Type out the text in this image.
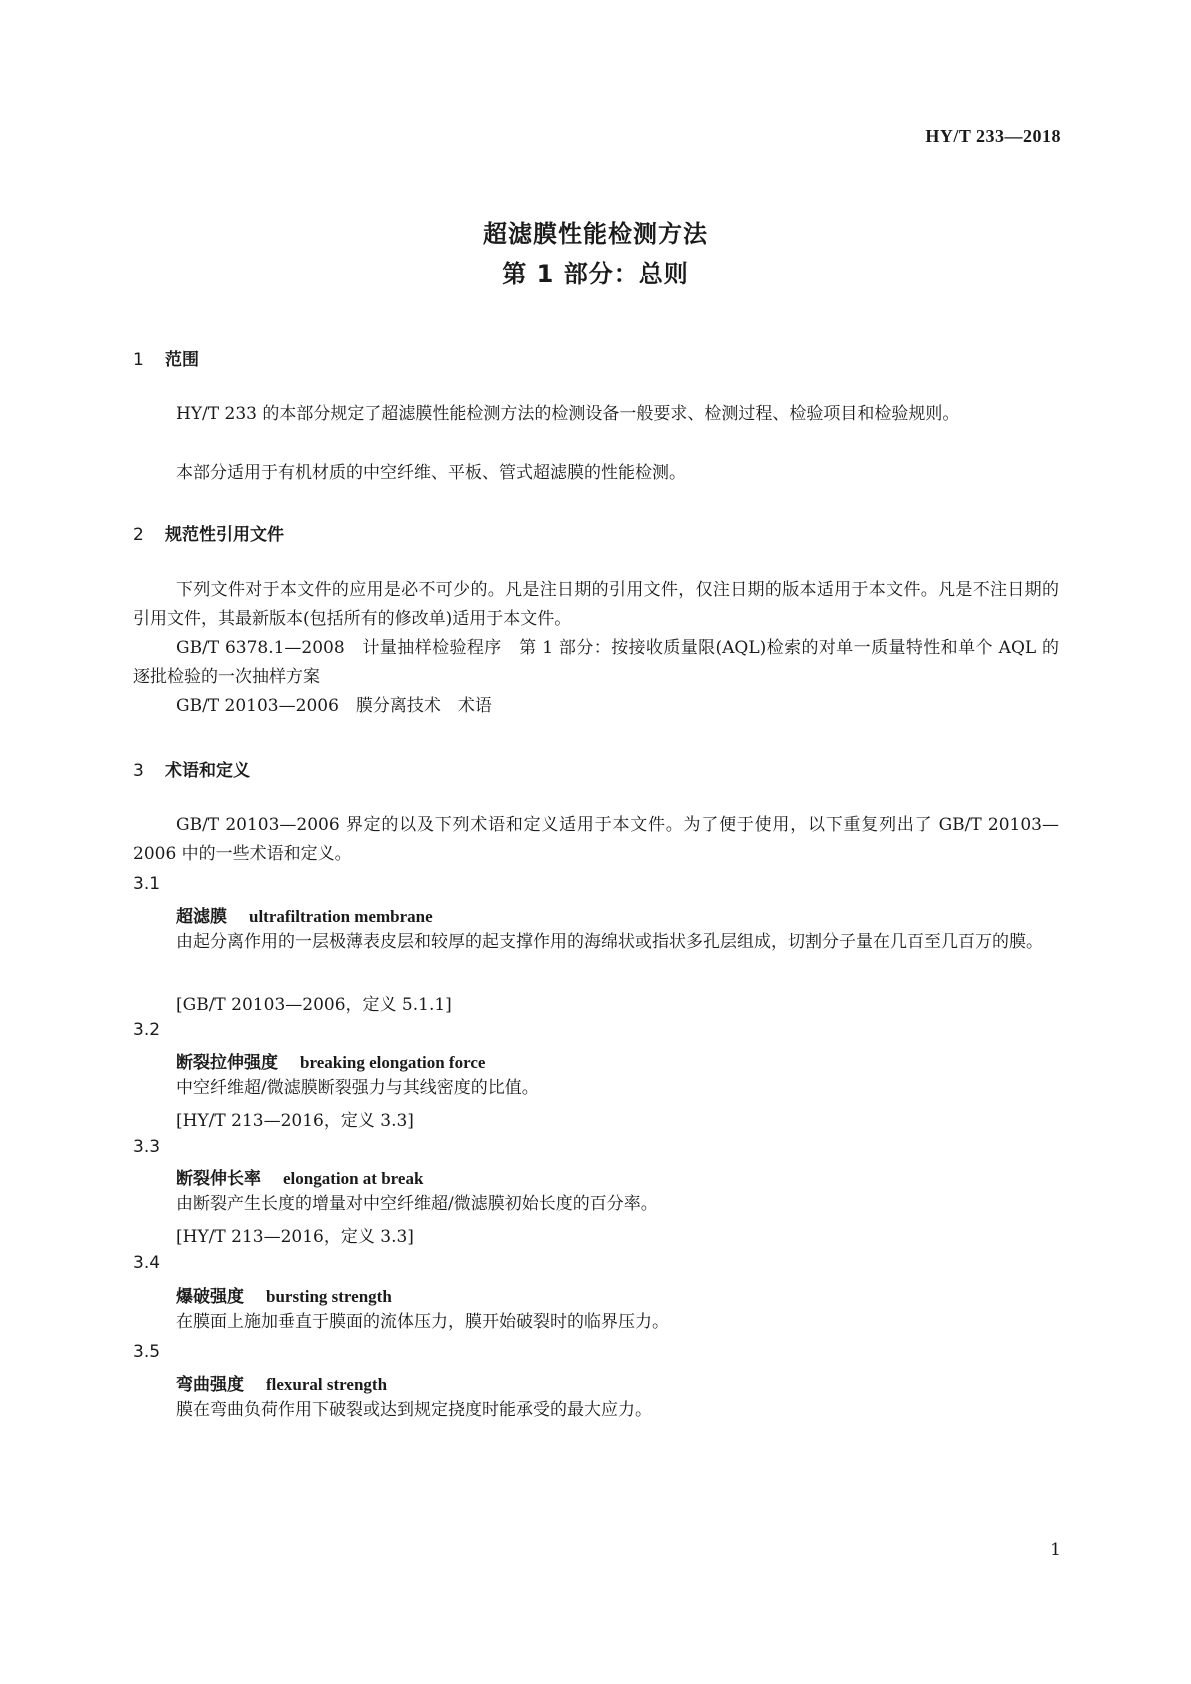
HY/T 233—2018
超滤膜性能检测方法
第 1 部分：总则
1 范围
HY/T 233 的本部分规定了超滤膜性能检测方法的检测设备一般要求、检测过程、检验项目和检验规则。
本部分适用于有机材质的中空纤维、平板、管式超滤膜的性能检测。
2 规范性引用文件
下列文件对于本文件的应用是必不可少的。凡是注日期的引用文件，仅注日期的版本适用于本文件。凡是不注日期的引用文件，其最新版本(包括所有的修改单)适用于本文件。
GB/T 6378.1—2008　计量抽样检验程序　第 1 部分：按接收质量限(AQL)检索的对单一质量特性和单个 AQL 的逐批检验的一次抽样方案
GB/T 20103—2006　膜分离技术　术语
3 术语和定义
GB/T 20103—2006 界定的以及下列术语和定义适用于本文件。为了便于使用，以下重复列出了 GB/T 20103—2006 中的一些术语和定义。
3.1
超滤膜 ultrafiltration membrane
由起分离作用的一层极薄表皮层和较厚的起支撑作用的海绵状或指状多孔层组成，切割分子量在几百至几百万的膜。
[GB/T 20103—2006，定义 5.1.1]
3.2
断裂拉伸强度 breaking elongation force
中空纤维超/微滤膜断裂强力与其线密度的比值。
[HY/T 213—2016，定义 3.3]
3.3
断裂伸长率 elongation at break
由断裂产生长度的增量对中空纤维超/微滤膜初始长度的百分率。
[HY/T 213—2016，定义 3.3]
3.4
爆破强度 bursting strength
在膜面上施加垂直于膜面的流体压力，膜开始破裂时的临界压力。
3.5
弯曲强度 flexural strength
膜在弯曲负荷作用下破裂或达到规定挠度时能承受的最大应力。
1
